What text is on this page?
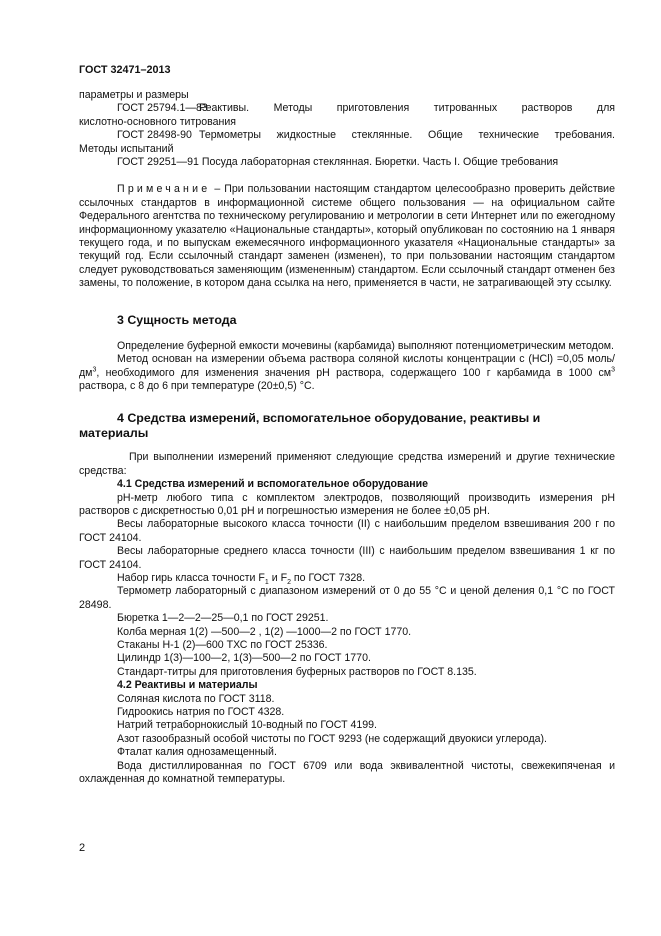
ГОСТ 32471–2013

параметры и размеры

ГОСТ 25794.1—83
Реактивы. Методы приготовления титрованных растворов для

кислотно-основного титрования

ГОСТ 28498-90 Термометры жидкостные стеклянные. Общие технические требования.

Методы испытаний

ГОСТ 29251—91 Посуда лабораторная стеклянная. Бюретки. Часть I. Общие требования

Примечание – При пользовании настоящим стандартом целесообразно проверить действие ссылочных стандартов в информационной системе общего пользования — на официальном сайте Федерального агентства по техническому регулированию и метрологии в сети Интернет или по ежегодному информационному указателю «Национальные стандарты», который опубликован по состоянию на 1 января текущего года, и по выпускам ежемесячного информационного указателя «Национальные стандарты» за текущий год. Если ссылочный стандарт заменен (изменен), то при пользовании настоящим стандартом следует руководствоваться заменяющим (измененным) стандартом. Если ссылочный стандарт отменен без замены, то положение, в котором дана ссылка на него, применяется в части, не затрагивающей эту ссылку.

3 Сущность метода

Определение буферной емкости мочевины (карбамида) выполняют потенциометрическим методом.

Метод основан на измерении объема раствора соляной кислоты концентрации с (HCl) =0,05 моль/$дм^3$, необходимого для изменения значения рН раствора, содержащего 100 г карбамида в 1000 $см^3$ раствора, с 8 до 6 при температуре (20±0,5) °С.

4 Средства измерений, вспомогательное оборудование, реактивы и
материалы

При выполнении измерений применяют следующие средства измерений и другие технические средства:

4.1 Средства измерений и вспомогательное оборудование

рН-метр любого типа с комплектом электродов, позволяющий производить измерения рН растворов с дискретностью 0,01 рН и погрешностью измерения не более ±0,05 рН.

Весы лабораторные высокого класса точности (II) с наибольшим пределом взвешивания 200 г по ГОСТ 24104.

Весы лабораторные среднего класса точности (III) с наибольшим пределом взвешивания 1 кг по ГОСТ 24104.

Набор гирь класса точности $F_1$ и $F_2$ по ГОСТ 7328.

Термометр лабораторный с диапазоном измерений от 0 до 55 °С и ценой деления 0,1 °С по ГОСТ 28498.

Бюретка 1—2—2—25—0,1 по ГОСТ 29251.

Колба мерная 1(2) —500—2 , 1(2) —1000—2 по ГОСТ 1770.

Стаканы Н-1 (2)—600 ТХС по ГОСТ 25336.

Цилиндр 1(3)—100—2, 1(3)—500—2 по ГОСТ 1770.

Стандарт-титры для приготовления буферных растворов по ГОСТ 8.135.

4.2 Реактивы и материалы

Соляная кислота по ГОСТ 3118.

Гидроокись натрия по ГОСТ 4328.

Натрий тетраборнокислый 10-водный по ГОСТ 4199.

Азот газообразный особой чистоты по ГОСТ 9293 (не содержащий двуокиси углерода).

Фталат калия однозамещенный.

Вода дистиллированная по ГОСТ 6709 или вода эквивалентной чистоты, свежекипяченая и охлажденная до комнатной температуры.

2
